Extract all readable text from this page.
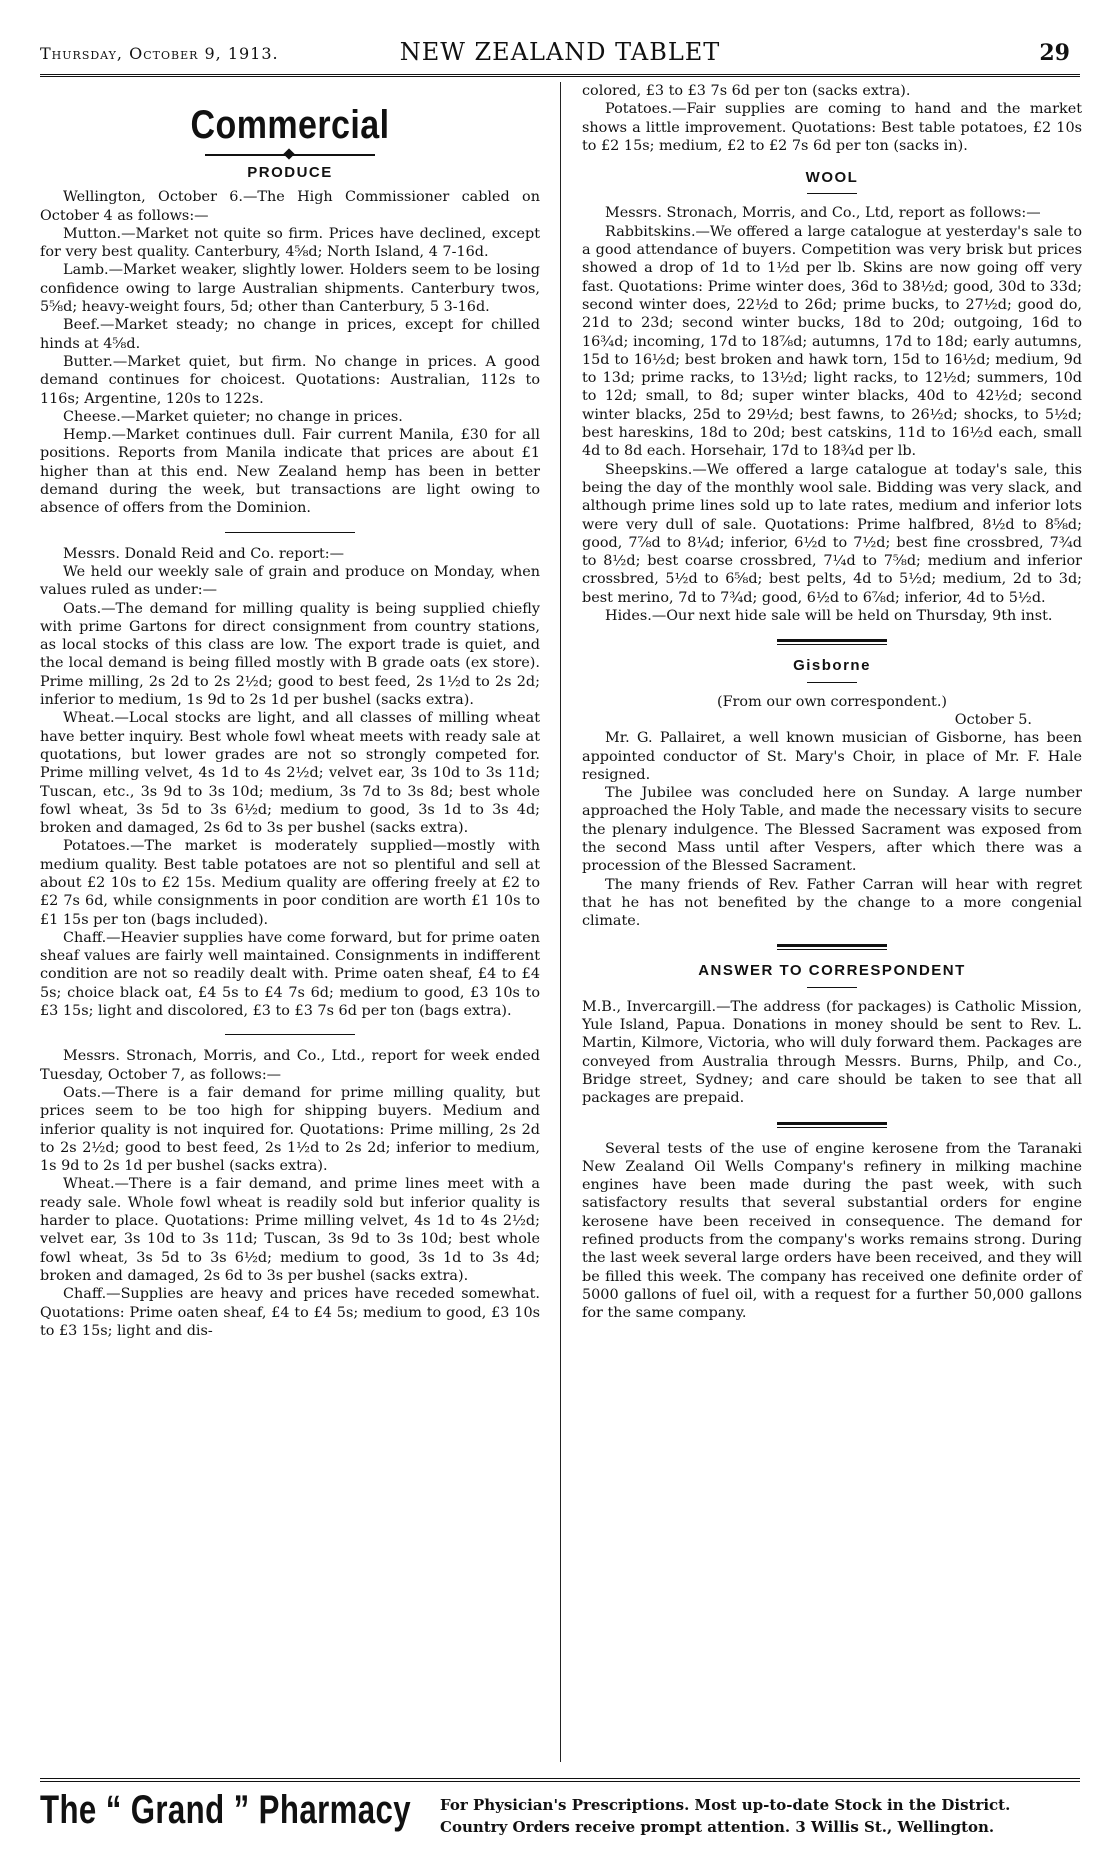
Thursday, October 9, 1913.	NEW ZEALAND TABLET	29
Commercial
PRODUCE

Wellington, October 6.—The High Commissioner cabled on October 4 as follows:—

Mutton.—Market not quite so firm. Prices have declined, except for very best quality. Canterbury, 4⅝d; North Island, 4 7-16d.

Lamb.—Market weaker, slightly lower. Holders seem to be losing confidence owing to large Australian shipments. Canterbury twos, 5⅝d; heavy-weight fours, 5d; other than Canterbury, 5 3-16d.

Beef.—Market steady; no change in prices, except for chilled hinds at 4⅝d.

Butter.—Market quiet, but firm. No change in prices. A good demand continues for choicest. Quotations: Australian, 112s to 116s; Argentine, 120s to 122s.

Cheese.—Market quieter; no change in prices.

Hemp.—Market continues dull. Fair current Manila, £30 for all positions. Reports from Manila indicate that prices are about £1 higher than at this end. New Zealand hemp has been in better demand during the week, but transactions are light owing to absence of offers from the Dominion.

Messrs. Donald Reid and Co. report:—

We held our weekly sale of grain and produce on Monday, when values ruled as under:—

Oats.—The demand for milling quality is being supplied chiefly with prime Gartons for direct consignment from country stations, as local stocks of this class are low. The export trade is quiet, and the local demand is being filled mostly with B grade oats (ex store). Prime milling, 2s 2d to 2s 2½d; good to best feed, 2s 1½d to 2s 2d; inferior to medium, 1s 9d to 2s 1d per bushel (sacks extra).

Wheat.—Local stocks are light, and all classes of milling wheat have better inquiry. Best whole fowl wheat meets with ready sale at quotations, but lower grades are not so strongly competed for. Prime milling velvet, 4s 1d to 4s 2½d; velvet ear, 3s 10d to 3s 11d; Tuscan, etc., 3s 9d to 3s 10d; medium, 3s 7d to 3s 8d; best whole fowl wheat, 3s 5d to 3s 6½d; medium to good, 3s 1d to 3s 4d; broken and damaged, 2s 6d to 3s per bushel (sacks extra).

Potatoes.—The market is moderately supplied—mostly with medium quality. Best table potatoes are not so plentiful and sell at about £2 10s to £2 15s. Medium quality are offering freely at £2 to £2 7s 6d, while consignments in poor condition are worth £1 10s to £1 15s per ton (bags included).

Chaff.—Heavier supplies have come forward, but for prime oaten sheaf values are fairly well maintained. Consignments in indifferent condition are not so readily dealt with. Prime oaten sheaf, £4 to £4 5s; choice black oat, £4 5s to £4 7s 6d; medium to good, £3 10s to £3 15s; light and discolored, £3 to £3 7s 6d per ton (bags extra).

Messrs. Stronach, Morris, and Co., Ltd., report for week ended Tuesday, October 7, as follows:—

Oats.—There is a fair demand for prime milling quality, but prices seem to be too high for shipping buyers. Medium and inferior quality is not inquired for. Quotations: Prime milling, 2s 2d to 2s 2½d; good to best feed, 2s 1½d to 2s 2d; inferior to medium, 1s 9d to 2s 1d per bushel (sacks extra).

Wheat.—There is a fair demand, and prime lines meet with a ready sale. Whole fowl wheat is readily sold but inferior quality is harder to place. Quotations: Prime milling velvet, 4s 1d to 4s 2½d; velvet ear, 3s 10d to 3s 11d; Tuscan, 3s 9d to 3s 10d; best whole fowl wheat, 3s 5d to 3s 6½d; medium to good, 3s 1d to 3s 4d; broken and damaged, 2s 6d to 3s per bushel (sacks extra).

Chaff.—Supplies are heavy and prices have receded somewhat. Quotations: Prime oaten sheaf, £4 to £4 5s; medium to good, £3 10s to £3 15s; light and dis-

colored, £3 to £3 7s 6d per ton (sacks extra).

Potatoes.—Fair supplies are coming to hand and the market shows a little improvement. Quotations: Best table potatoes, £2 10s to £2 15s; medium, £2 to £2 7s 6d per ton (sacks in).

WOOL

Messrs. Stronach, Morris, and Co., Ltd, report as follows:—

Rabbitskins.—We offered a large catalogue at yesterday's sale to a good attendance of buyers. Competition was very brisk but prices showed a drop of 1d to 1½d per lb. Skins are now going off very fast. Quotations: Prime winter does, 36d to 38½d; good, 30d to 33d; second winter does, 22½d to 26d; prime bucks, to 27½d; good do, 21d to 23d; second winter bucks, 18d to 20d; outgoing, 16d to 16¾d; incoming, 17d to 18⅞d; autumns, 17d to 18d; early autumns, 15d to 16½d; best broken and hawk torn, 15d to 16½d; medium, 9d to 13d; prime racks, to 13½d; light racks, to 12½d; summers, 10d to 12d; small, to 8d; super winter blacks, 40d to 42½d; second winter blacks, 25d to 29½d; best fawns, to 26½d; shocks, to 5½d; best hareskins, 18d to 20d; best catskins, 11d to 16½d each, small 4d to 8d each. Horsehair, 17d to 18¾d per lb.

Sheepskins.—We offered a large catalogue at today's sale, this being the day of the monthly wool sale. Bidding was very slack, and although prime lines sold up to late rates, medium and inferior lots were very dull of sale. Quotations: Prime halfbred, 8½d to 8⅝d; good, 7⅞d to 8¼d; inferior, 6½d to 7½d; best fine crossbred, 7¾d to 8½d; best coarse crossbred, 7¼d to 7⅝d; medium and inferior crossbred, 5½d to 6⅝d; best pelts, 4d to 5½d; medium, 2d to 3d; best merino, 7d to 7¾d; good, 6½d to 6⅞d; inferior, 4d to 5½d.

Hides.—Our next hide sale will be held on Thursday, 9th inst.

Gisborne

(From our own correspondent.)

October 5.

Mr. G. Pallairet, a well known musician of Gisborne, has been appointed conductor of St. Mary's Choir, in place of Mr. F. Hale resigned.

The Jubilee was concluded here on Sunday. A large number approached the Holy Table, and made the necessary visits to secure the plenary indulgence. The Blessed Sacrament was exposed from the second Mass until after Vespers, after which there was a procession of the Blessed Sacrament.

The many friends of Rev. Father Carran will hear with regret that he has not benefited by the change to a more congenial climate.

ANSWER TO CORRESPONDENT

M.B., Invercargill.—The address (for packages) is Catholic Mission, Yule Island, Papua. Donations in money should be sent to Rev. L. Martin, Kilmore, Victoria, who will duly forward them. Packages are conveyed from Australia through Messrs. Burns, Philp, and Co., Bridge street, Sydney; and care should be taken to see that all packages are prepaid.

Several tests of the use of engine kerosene from the Taranaki New Zealand Oil Wells Company's refinery in milking machine engines have been made during the past week, with such satisfactory results that several substantial orders for engine kerosene have been received in consequence. The demand for refined products from the company's works remains strong. During the last week several large orders have been received, and they will be filled this week. The company has received one definite order of 5000 gallons of fuel oil, with a request for a further 50,000 gallons for the same company.

The “ Grand ” Pharmacy For Physician's Prescriptions. Most up-to-date Stock in the District.
Country Orders receive prompt attention. 3 Willis St., Wellington.
